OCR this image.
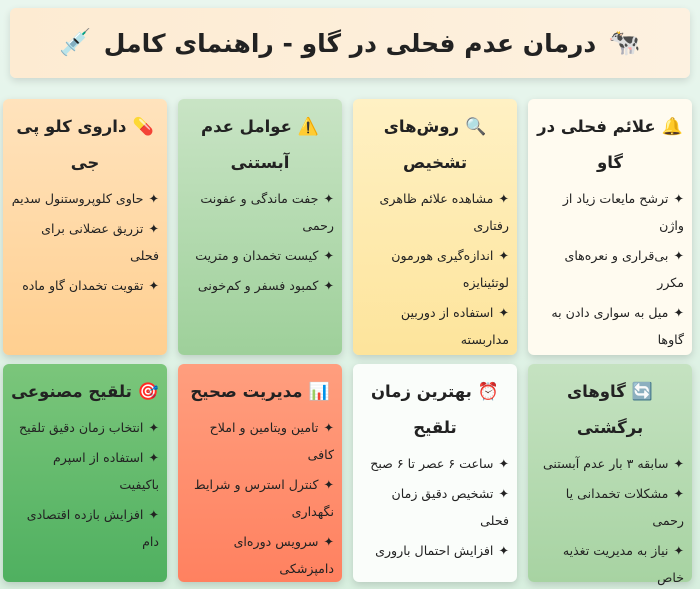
🐄
درمان عدم فحلی در گاو - راهنمای کامل
💉
🔔علائم فحلی در گاو
✦ترشح مایعات زیاد از واژن
✦بی‌قراری و نعره‌های مکرر
✦میل به سواری دادن به گاوها
🔍روش‌های تشخیص
✦مشاهده علائم ظاهری رفتاری
✦اندازه‌گیری هورمون لوتئینایزه
✦استفاده از دوربین مداربسته
⚠️عوامل عدم آبستنی
✦جفت ماندگی و عفونت رحمی
✦کیست تخمدان و متریت
✦کمبود فسفر و کم‌خونی
💊داروی کلو پی جی
✦حاوی کلوپروستنول سدیم
✦تزریق عضلانی برای فحلی
✦تقویت تخمدان گاو ماده
🔄گاوهای برگشتی
✦سابقه ۳ بار عدم آبستنی
✦مشکلات تخمدانی یا رحمی
✦نیاز به مدیریت تغذیه خاص
⏰بهترین زمان تلقیح
✦ساعت ۶ عصر تا ۶ صبح
✦تشخیص دقیق زمان فحلی
✦افزایش احتمال باروری
📊مدیریت صحیح
✦تامین ویتامین و املاح کافی
✦کنترل استرس و شرایط نگهداری
✦سرویس دوره‌ای دامپزشکی
🎯تلقیح مصنوعی
✦انتخاب زمان دقیق تلقیح
✦استفاده از اسپرم باکیفیت
✦افزایش بازده اقتصادی دام
